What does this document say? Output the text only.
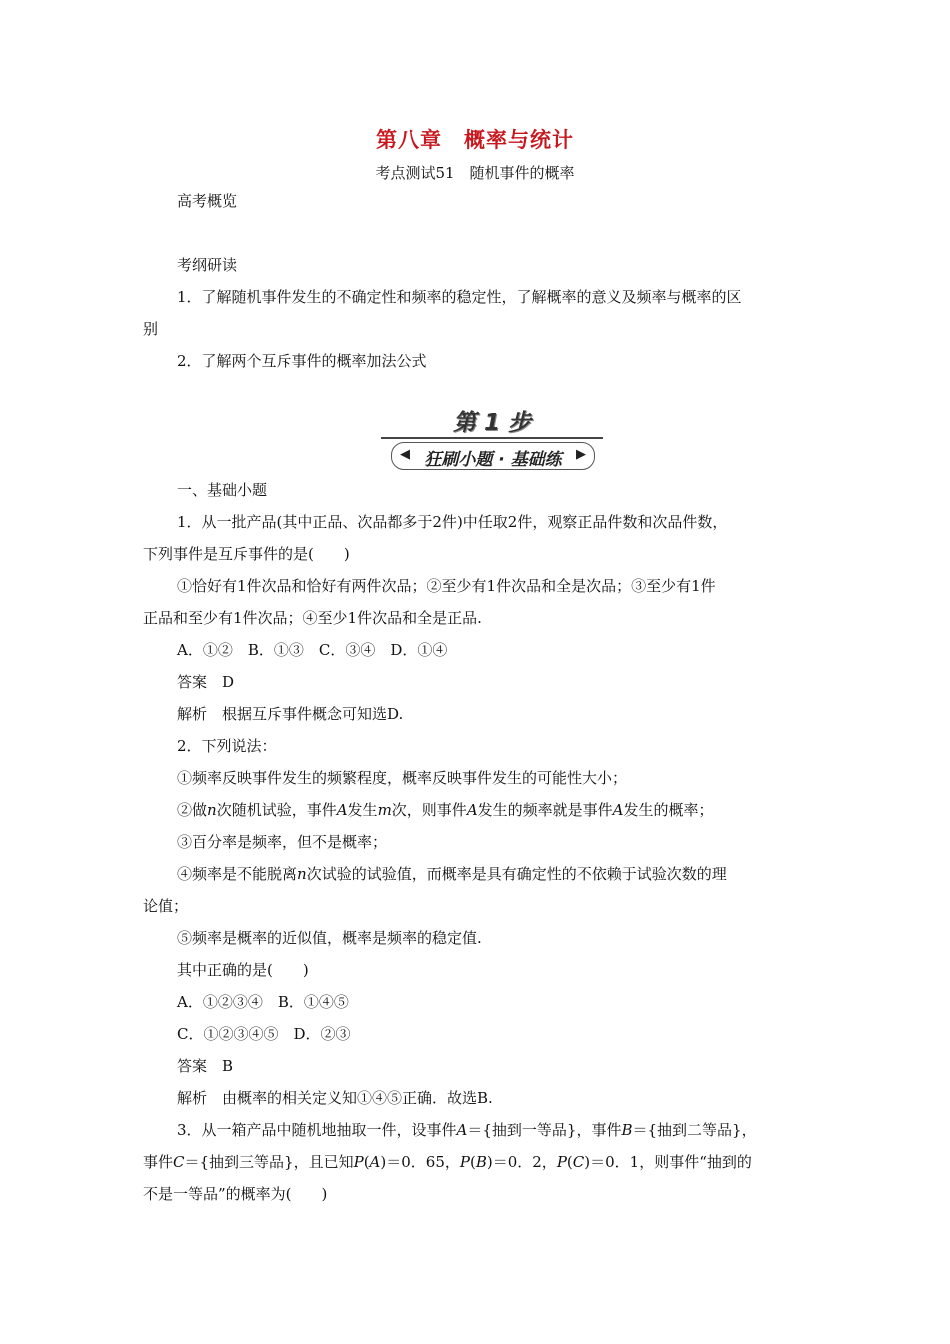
第八章　概率与统计
考点测试51　随机事件的概率
高考概览
考纲研读
1．了解随机事件发生的不确定性和频率的稳定性，了解概率的意义及频率与概率的区
别
2．了解两个互斥事件的概率加法公式
第 1 步
◀ 狂刷小题 · 基础练	▶
一、基础小题
1．从一批产品(其中正品、次品都多于2件)中任取2件，观察正品件数和次品件数，
下列事件是互斥事件的是(　　)
①恰好有1件次品和恰好有两件次品；②至少有1件次品和全是次品；③至少有1件
正品和至少有1件次品；④至少1件次品和全是正品.
A．①②　B．①③　C．③④　D．①④
答案　D
解析　根据互斥事件概念可知选D.
2．下列说法：
①频率反映事件发生的频繁程度，概率反映事件发生的可能性大小；
②做n次随机试验，事件A发生m次，则事件A发生的频率就是事件A发生的概率；
③百分率是频率，但不是概率；
④频率是不能脱离n次试验的试验值，而概率是具有确定性的不依赖于试验次数的理
论值；
⑤频率是概率的近似值，概率是频率的稳定值.
其中正确的是(　　)
A．①②③④　B．①④⑤
C．①②③④⑤　D．②③
答案　B
解析　由概率的相关定义知①④⑤正确．故选B.
3．从一箱产品中随机地抽取一件，设事件A＝{抽到一等品}，事件B＝{抽到二等品}，
事件C＝{抽到三等品}，且已知P(A)＝0．65，P(B)＝0．2，P(C)＝0．1，则事件“抽到的
不是一等品”的概率为(　　)
